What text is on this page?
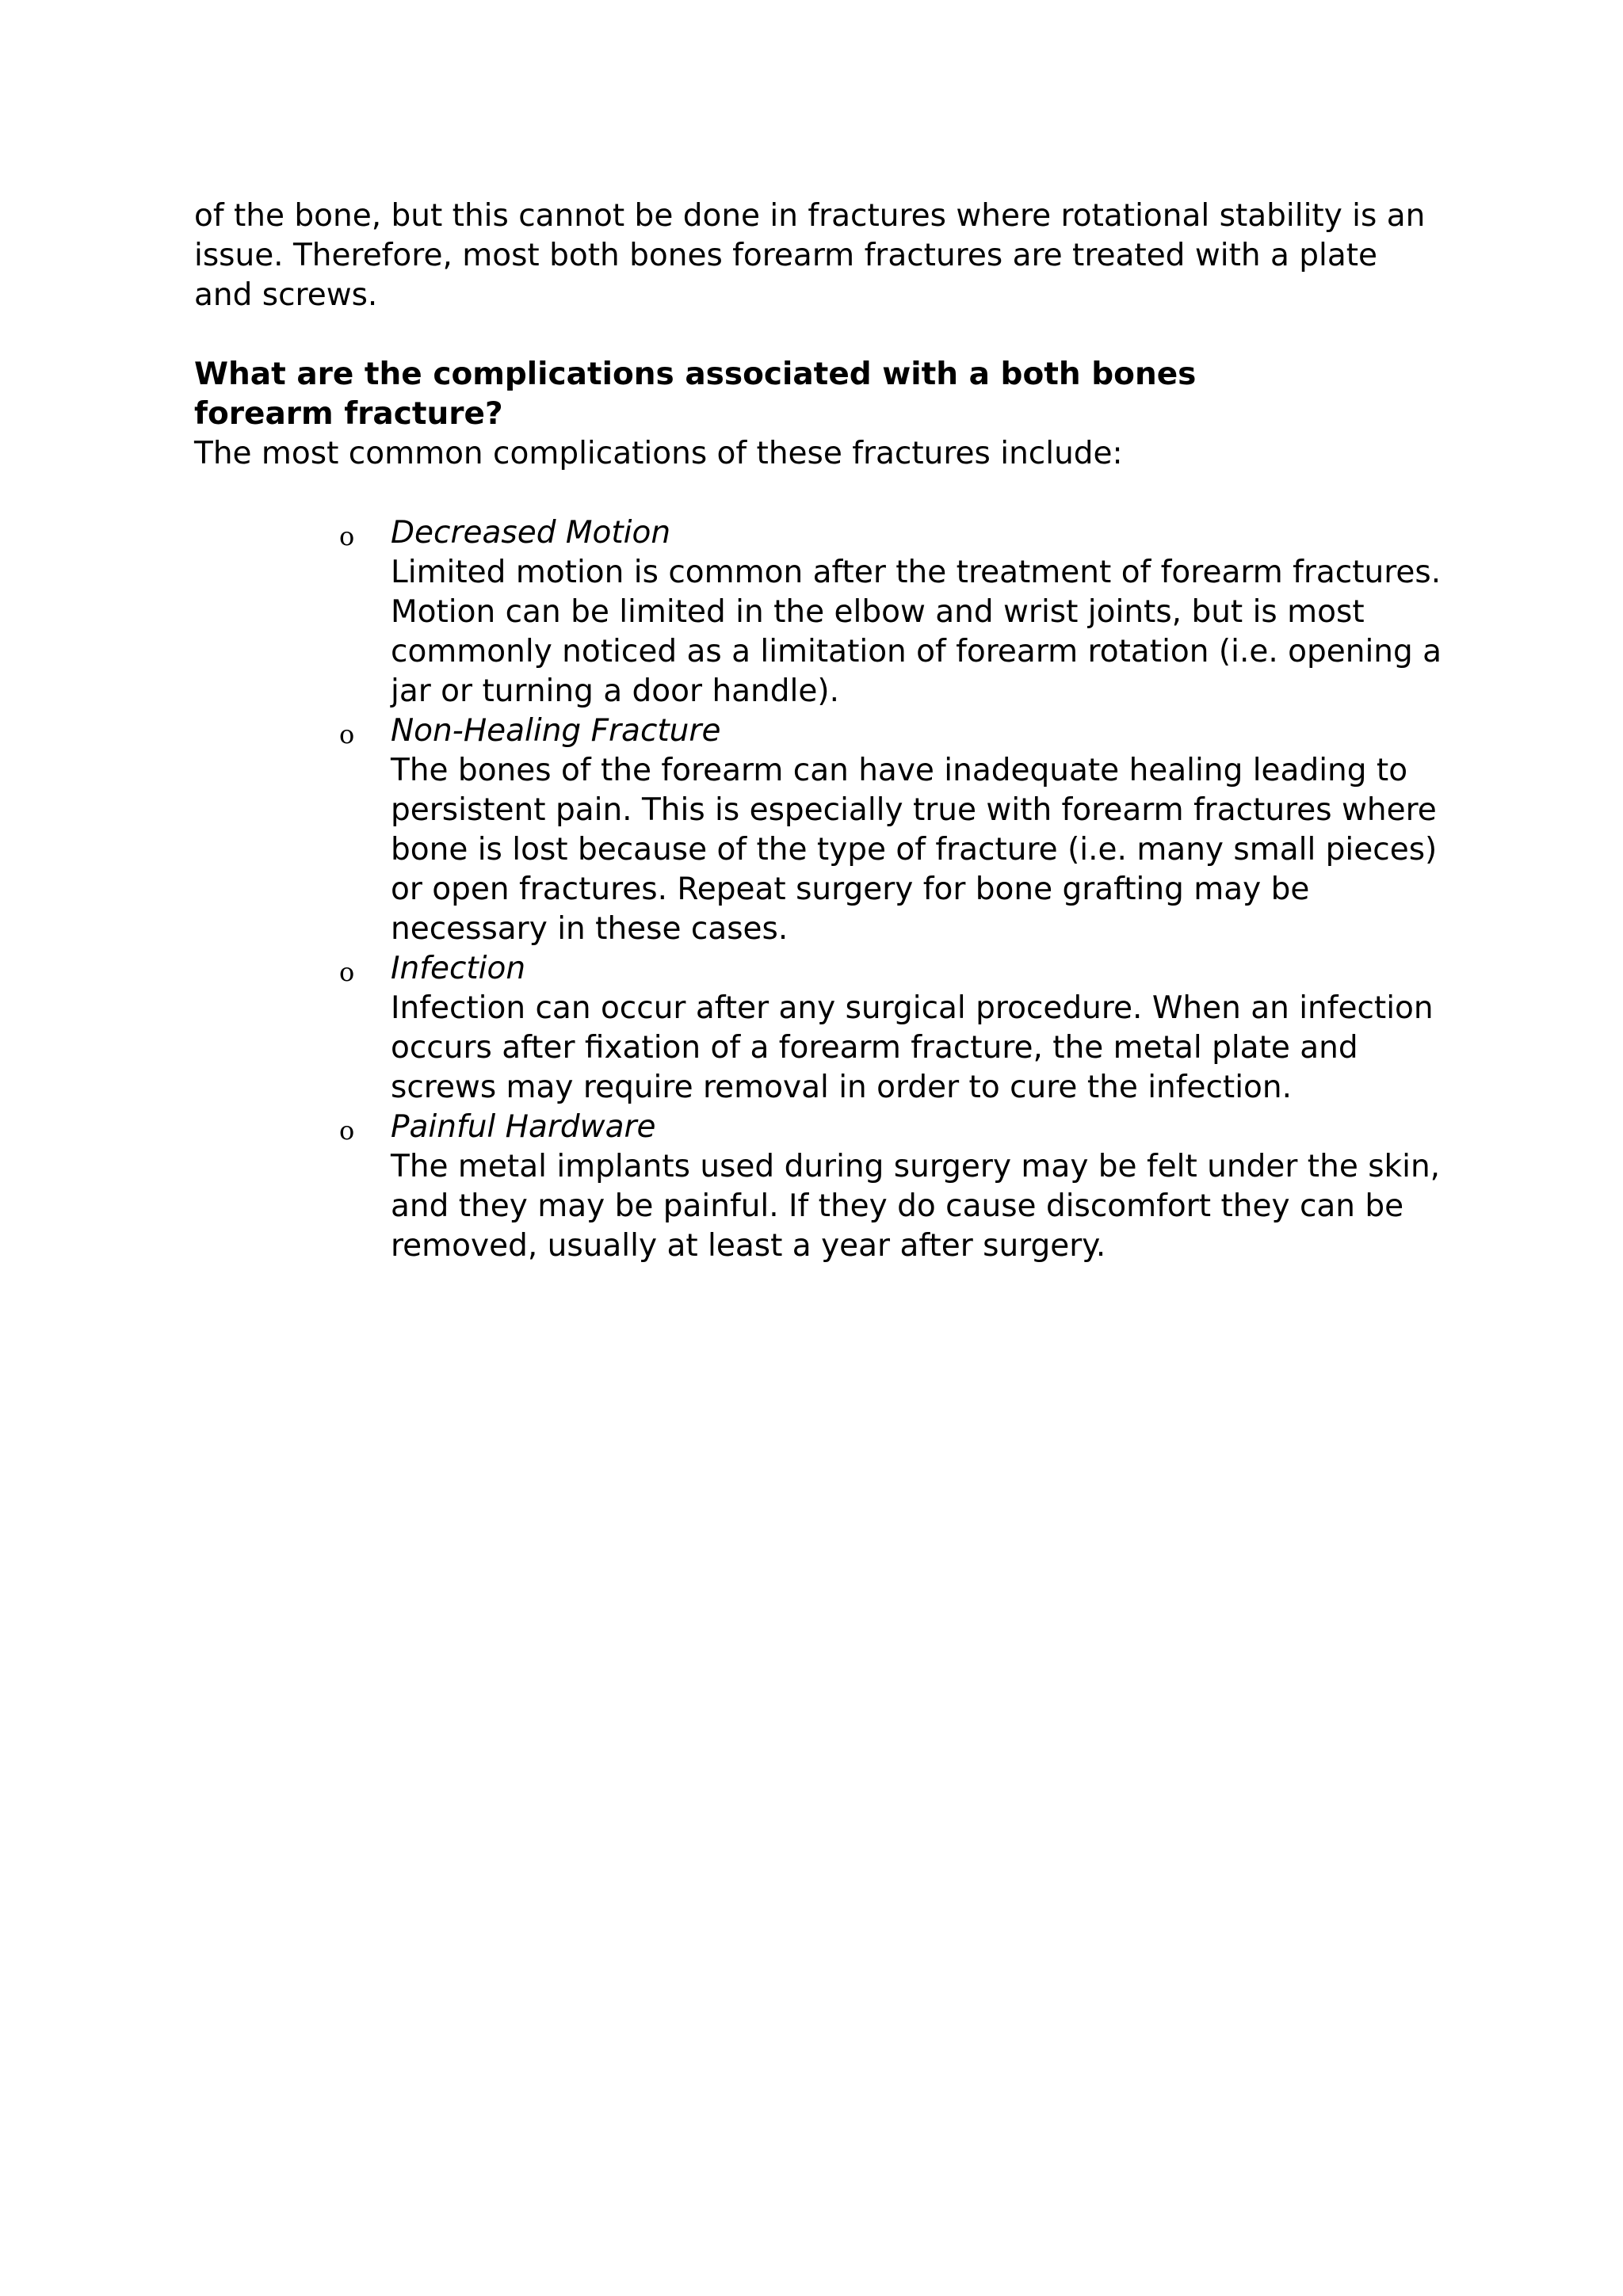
of the bone, but this cannot be done in fractures where rotational stability is an issue. Therefore, most both bones forearm fractures are treated with a plate and screws.

What are the complications associated with a both bones forearm fracture?

The most common complications of these fractures include:

o Decreased Motion
Limited motion is common after the treatment of forearm fractures. Motion can be limited in the elbow and wrist joints, but is most commonly noticed as a limitation of forearm rotation (i.e. opening a jar or turning a door handle).
o Non-Healing Fracture
The bones of the forearm can have inadequate healing leading to persistent pain. This is especially true with forearm fractures where bone is lost because of the type of fracture (i.e. many small pieces) or open fractures. Repeat surgery for bone grafting may be necessary in these cases.
o Infection
Infection can occur after any surgical procedure. When an infection occurs after fixation of a forearm fracture, the metal plate and screws may require removal in order to cure the infection.
o Painful Hardware
The metal implants used during surgery may be felt under the skin, and they may be painful. If they do cause discomfort they can be removed, usually at least a year after surgery.
